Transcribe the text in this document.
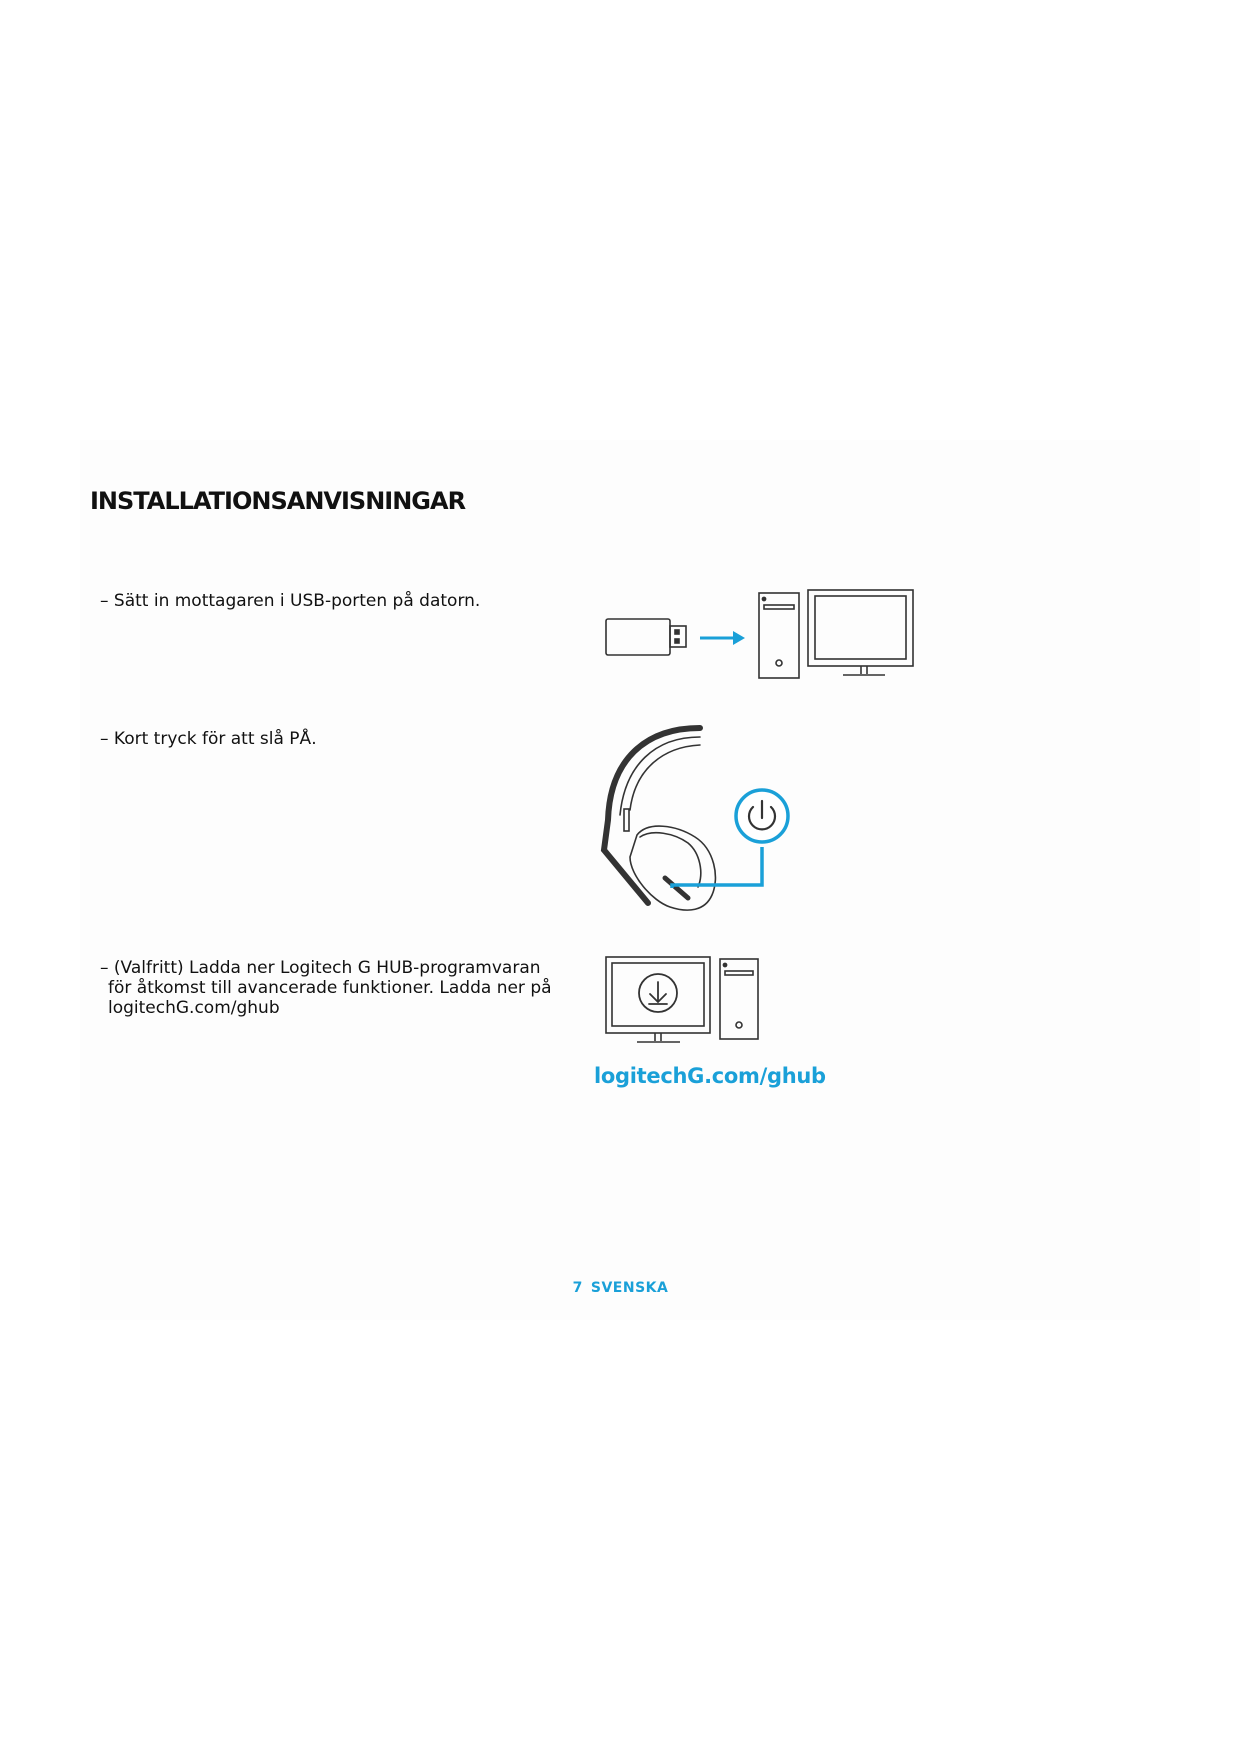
INSTALLATIONSANVISNINGAR

– Sätt in mottagaren i USB-porten på datorn.

– Kort tryck för att slå PÅ.

– (Valfritt) Ladda ner Logitech G HUB-programvaran
för åtkomst till avancerade funktioner. Ladda ner på
logitechG.com/ghub

logitechG.com/ghub
7 SVENSKA
